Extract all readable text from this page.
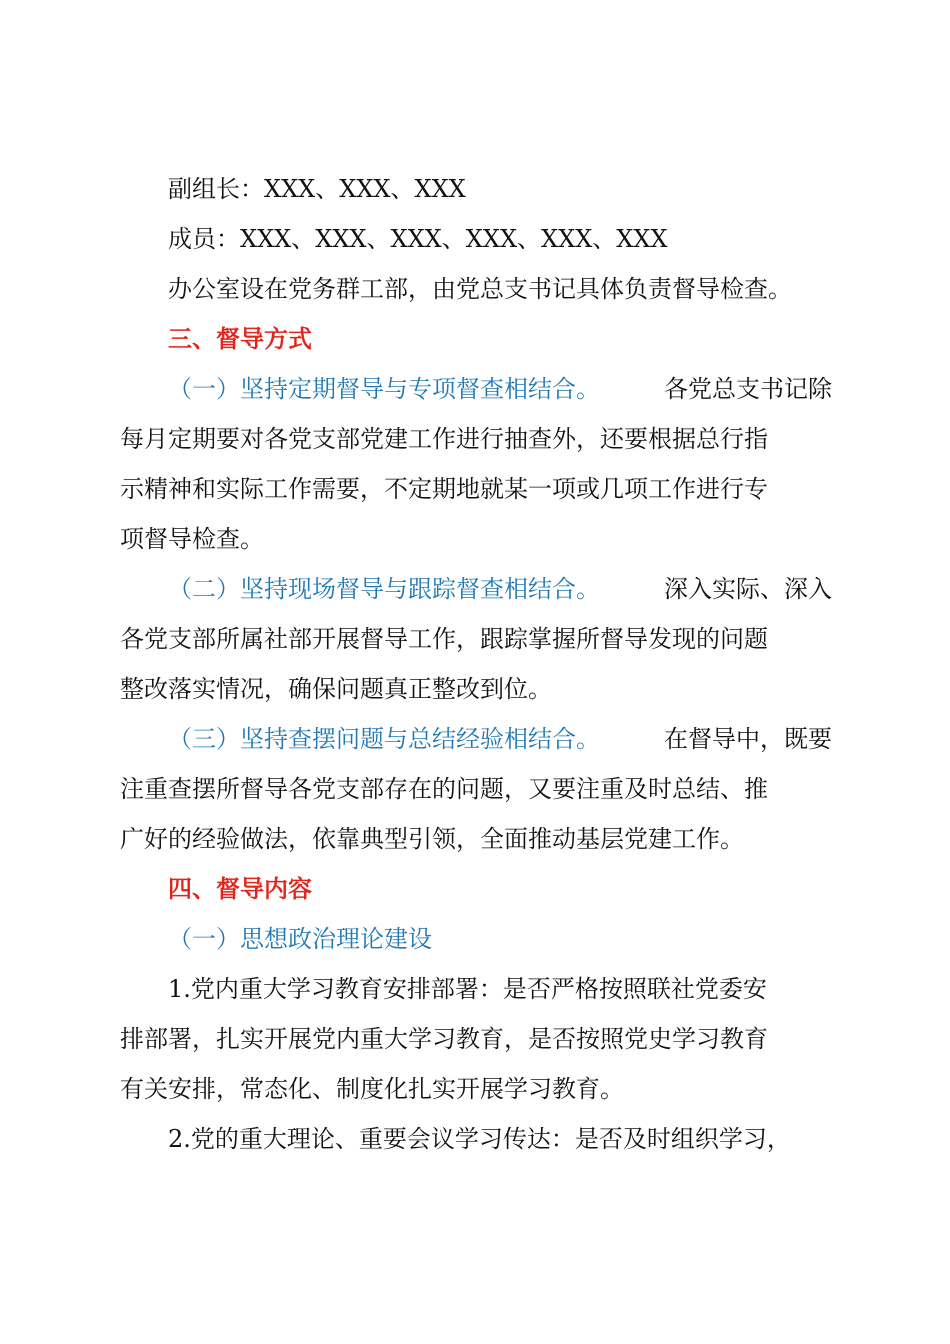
副组长：XXX、XXX、XXX
成员：XXX、XXX、XXX、XXX、XXX、XXX
办公室设在党务群工部，由党总支书记具体负责督导检查。
三、督导方式
（一）坚持定期督导与专项督查相结合。	各党总支书记除
每月定期要对各党支部党建工作进行抽查外，还要根据总行指
示精神和实际工作需要，不定期地就某一项或几项工作进行专
项督导检查。
（二）坚持现场督导与跟踪督查相结合。	深入实际、深入
各党支部所属社部开展督导工作，跟踪掌握所督导发现的问题
整改落实情况，确保问题真正整改到位。
（三）坚持查摆问题与总结经验相结合。	在督导中，既要
注重查摆所督导各党支部存在的问题，又要注重及时总结、推
广好的经验做法，依靠典型引领，全面推动基层党建工作。
四、督导内容
（一）思想政治理论建设
1.党内重大学习教育安排部署：是否严格按照联社党委安
排部署，扎实开展党内重大学习教育，是否按照党史学习教育
有关安排，常态化、制度化扎实开展学习教育。
2.党的重大理论、重要会议学习传达：是否及时组织学习，
